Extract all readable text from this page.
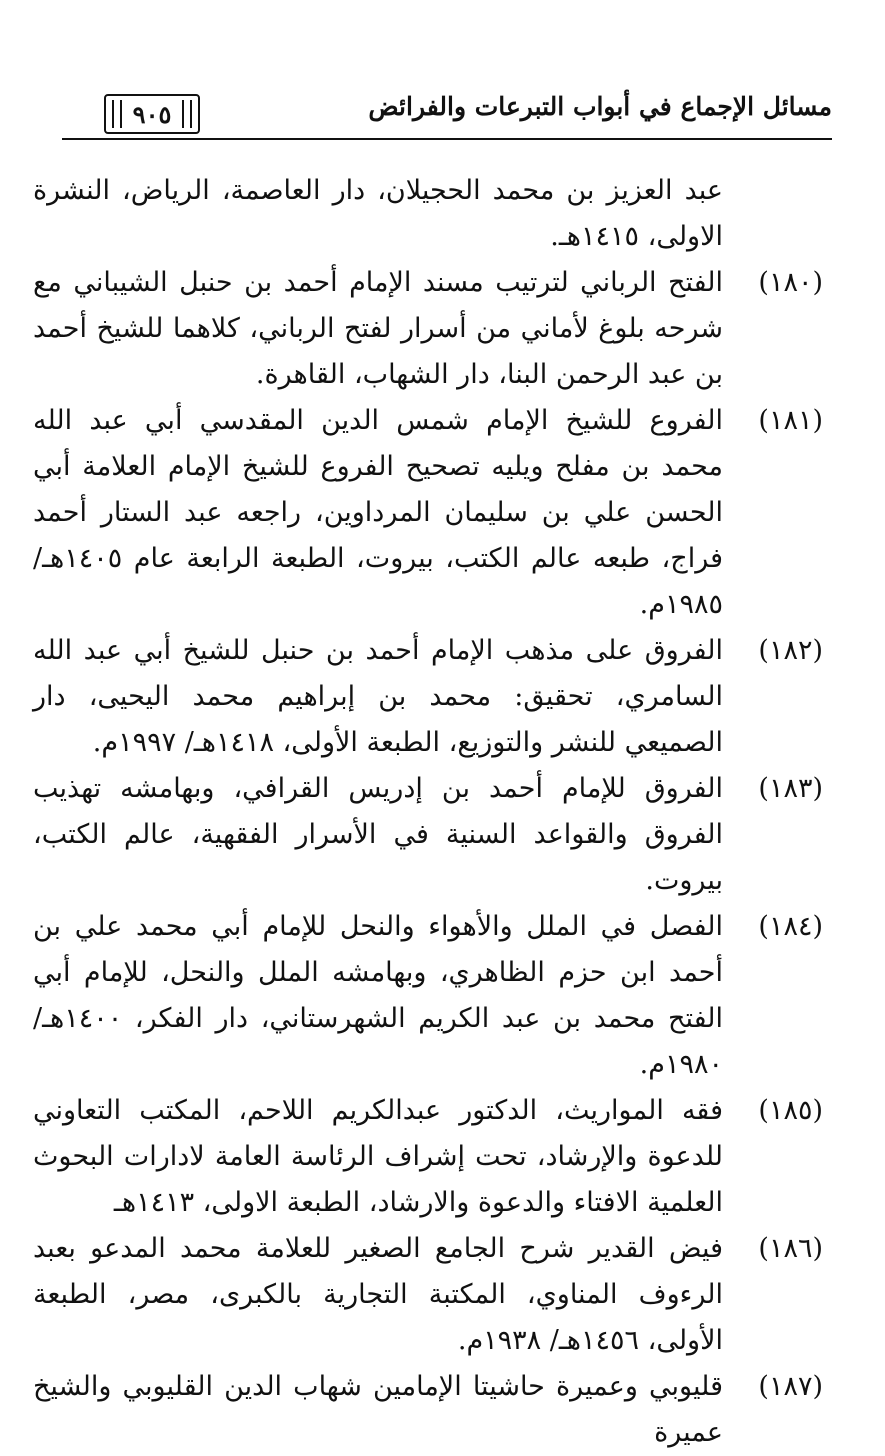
مسائل الإجماع في أبواب التبرعات والفرائض
٩٠٥
عبد العزيز بن محمد الحجيلان، دار العاصمة، الرياض، النشرة الاولى، ١٤١٥هـ.
(١٨٠)
الفتح الرباني لترتيب مسند الإمام أحمد بن حنبل الشيباني مع شرحه بلوغ لأماني من أسرار لفتح الرباني، كلاهما للشيخ أحمد بن عبد الرحمن البنا، دار الشهاب، القاهرة.
(١٨١)
الفروع للشيخ الإمام شمس الدين المقدسي أبي عبد الله محمد بن مفلح ويليه تصحيح الفروع للشيخ الإمام العلامة أبي الحسن علي بن سليمان المرداوين، راجعه عبد الستار أحمد فراج، طبعه عالم الكتب، بيروت، الطبعة الرابعة عام ١٤٠٥هـ/ ١٩٨٥م.
(١٨٢)
الفروق على مذهب الإمام أحمد بن حنبل للشيخ أبي عبد الله السامري، تحقيق: محمد بن إبراهيم محمد اليحيى، دار الصميعي للنشر والتوزيع، الطبعة الأولى، ١٤١٨هـ/ ١٩٩٧م.
(١٨٣)
الفروق للإمام أحمد بن إدريس القرافي، وبهامشه تهذيب الفروق والقواعد السنية في الأسرار الفقهية، عالم الكتب، بيروت.
(١٨٤)
الفصل في الملل والأهواء والنحل للإمام أبي محمد علي بن أحمد ابن حزم الظاهري، وبهامشه الملل والنحل، للإمام أبي الفتح محمد بن عبد الكريم الشهرستاني، دار الفكر، ١٤٠٠هـ/ ١٩٨٠م.
(١٨٥)
فقه المواريث، الدكتور عبدالكريم اللاحم، المكتب التعاوني للدعوة والإرشاد، تحت إشراف الرئاسة العامة لادارات البحوث العلمية الافتاء والدعوة والارشاد، الطبعة الاولى، ١٤١٣هـ
(١٨٦)
فيض القدير شرح الجامع الصغير للعلامة محمد المدعو بعبد الرءوف المناوي، المكتبة التجارية بالكبرى، مصر، الطبعة الأولى، ١٤٥٦هـ/ ١٩٣٨م.
(١٨٧)
قليوبي وعميرة حاشيتا الإمامين شهاب الدين القليوبي والشيخ عميرة
